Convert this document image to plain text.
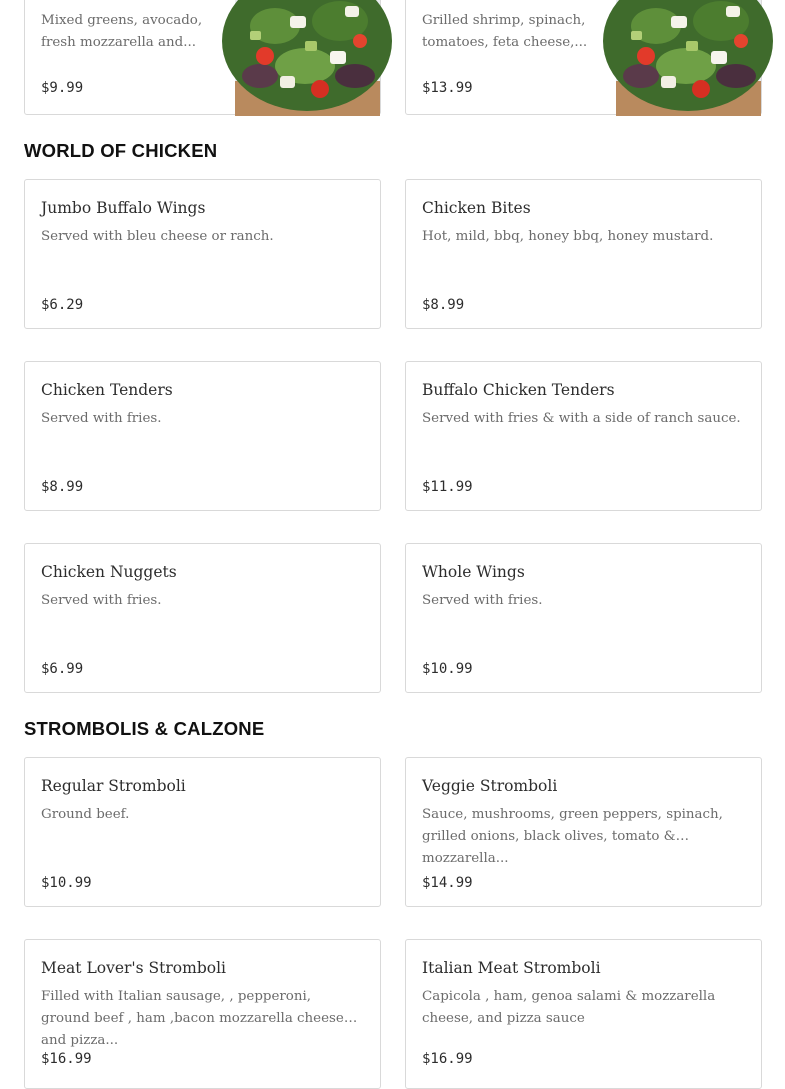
Mixed greens, avocado, fresh mozzarella and...
$9.99
Grilled shrimp, spinach, tomatoes, feta cheese,...
$13.99
WORLD OF CHICKEN
Jumbo Buffalo Wings
Served with bleu cheese or ranch.
$6.29
Chicken Bites
Hot, mild, bbq, honey bbq, honey mustard.
$8.99
Chicken Tenders
Served with fries.
$8.99
Buffalo Chicken Tenders
Served with fries & with a side of ranch sauce.
$11.99
Chicken Nuggets
Served with fries.
$6.99
Whole Wings
Served with fries.
$10.99
STROMBOLIS & CALZONE
Regular Stromboli
Ground beef.
$10.99
Veggie Stromboli
Sauce, mushrooms, green peppers, spinach, grilled onions, black olives, tomato & mozzarella...
$14.99
Meat Lover's Stromboli
Filled with Italian sausage, , pepperoni, ground beef , ham ,bacon mozzarella cheese and pizza...
$16.99
Italian Meat Stromboli
Capicola , ham, genoa salami & mozzarella cheese, and pizza sauce
$16.99
